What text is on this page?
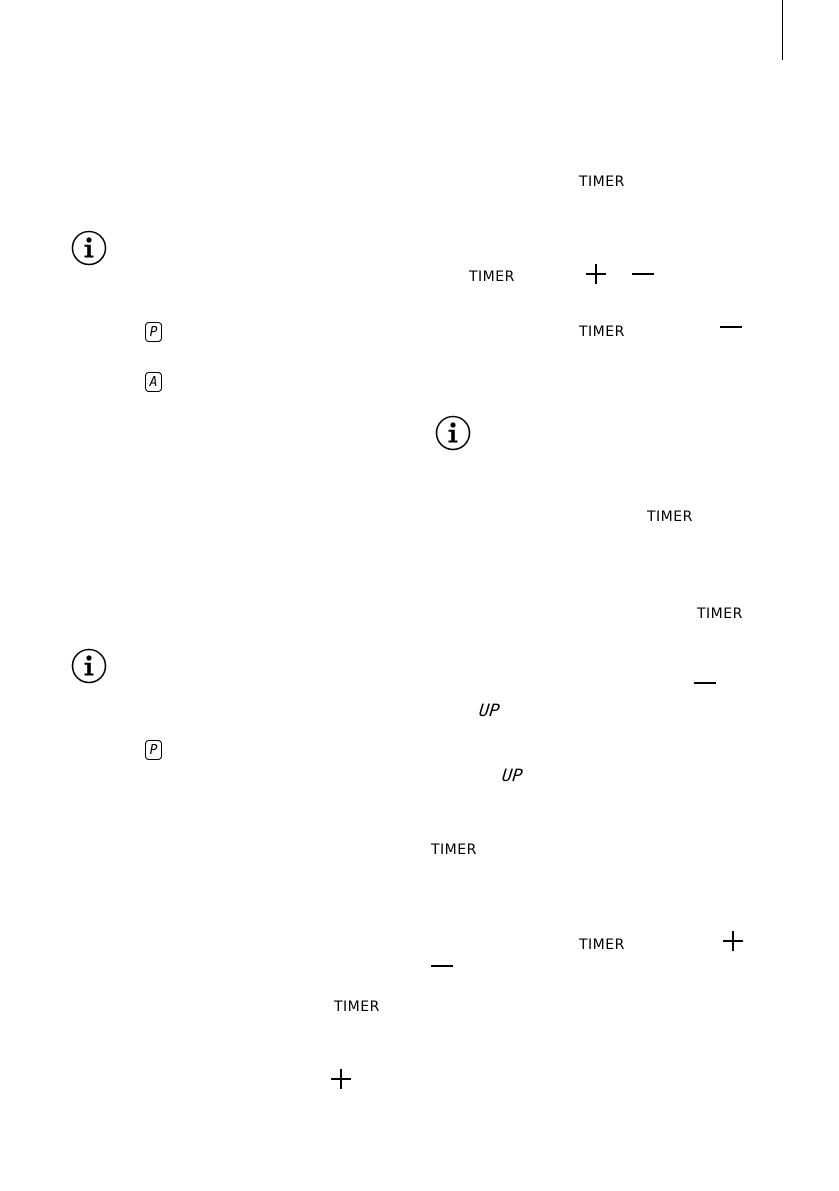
P
A
P
TIMER
TIMER
TIMER
TIMER
TIMER
TIMER
UP
UP
TIMER
TIMER
